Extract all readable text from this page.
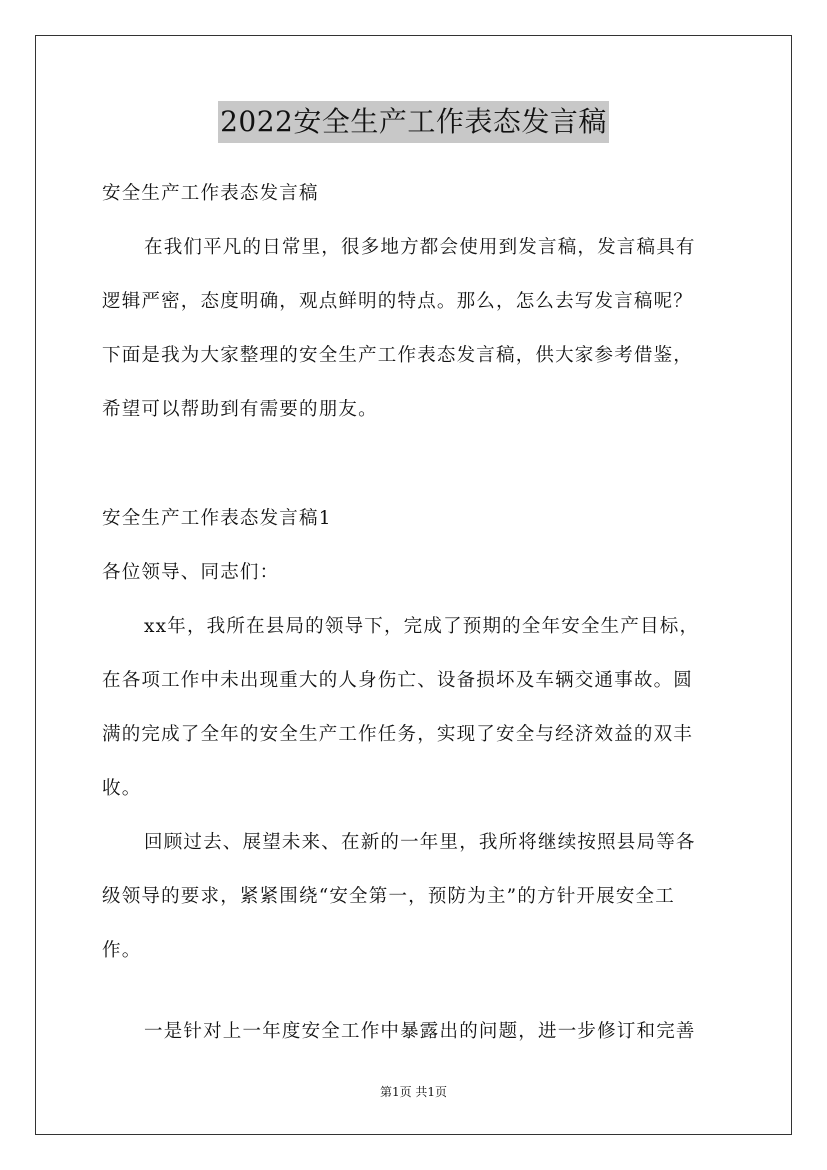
2022安全生产工作表态发言稿
安全生产工作表态发言稿
在我们平凡的日常里，很多地方都会使用到发言稿，发言稿具有
逻辑严密，态度明确，观点鲜明的特点。那么，怎么去写发言稿呢？
下面是我为大家整理的安全生产工作表态发言稿，供大家参考借鉴，
希望可以帮助到有需要的朋友。
安全生产工作表态发言稿1
各位领导、同志们：
xx年，我所在县局的领导下，完成了预期的全年安全生产目标，
在各项工作中未出现重大的人身伤亡、设备损坏及车辆交通事故。圆
满的完成了全年的安全生产工作任务，实现了安全与经济效益的双丰
收。
回顾过去、展望未来、在新的一年里，我所将继续按照县局等各
级领导的要求，紧紧围绕“安全第一，预防为主”的方针开展安全工
作。
一是针对上一年度安全工作中暴露出的问题，进一步修订和完善
第1页 共1页
